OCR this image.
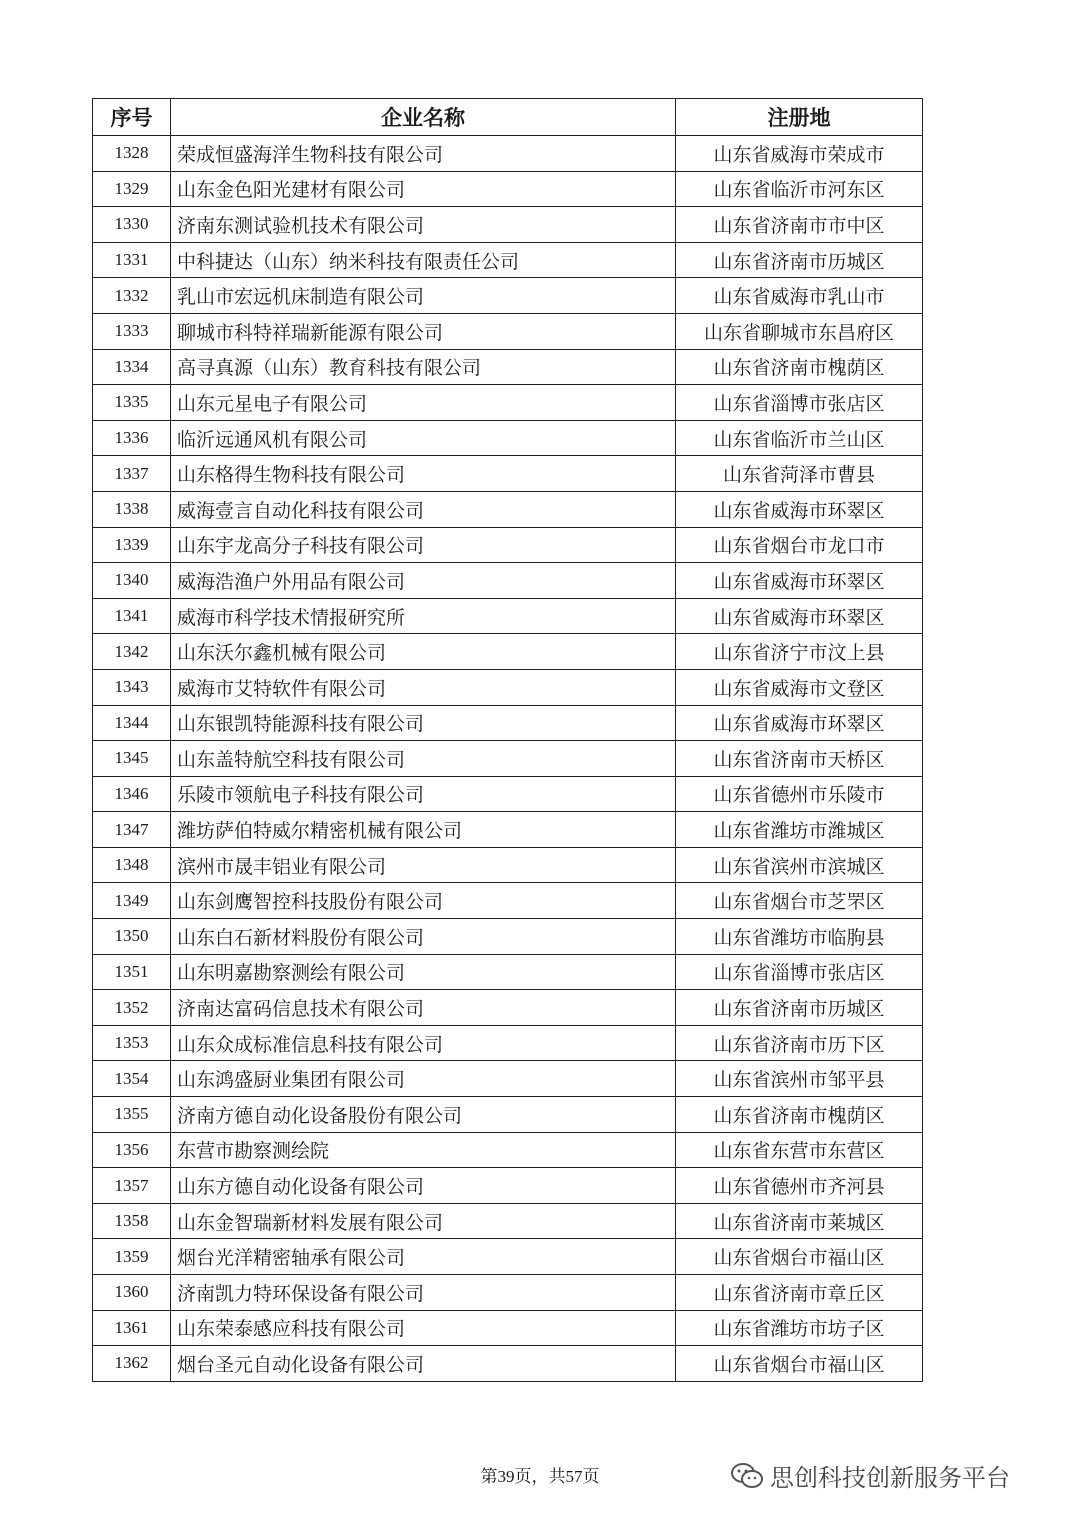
序号	企业名称	注册地
1328	荣成恒盛海洋生物科技有限公司	山东省威海市荣成市
1329	山东金色阳光建材有限公司	山东省临沂市河东区
1330	济南东测试验机技术有限公司	山东省济南市市中区
1331	中科捷达（山东）纳米科技有限责任公司	山东省济南市历城区
1332	乳山市宏远机床制造有限公司	山东省威海市乳山市
1333	聊城市科特祥瑞新能源有限公司	山东省聊城市东昌府区
1334	高寻真源（山东）教育科技有限公司	山东省济南市槐荫区
1335	山东元星电子有限公司	山东省淄博市张店区
1336	临沂远通风机有限公司	山东省临沂市兰山区
1337	山东格得生物科技有限公司	山东省菏泽市曹县
1338	威海壹言自动化科技有限公司	山东省威海市环翠区
1339	山东宇龙高分子科技有限公司	山东省烟台市龙口市
1340	威海浩渔户外用品有限公司	山东省威海市环翠区
1341	威海市科学技术情报研究所	山东省威海市环翠区
1342	山东沃尔鑫机械有限公司	山东省济宁市汶上县
1343	威海市艾特软件有限公司	山东省威海市文登区
1344	山东银凯特能源科技有限公司	山东省威海市环翠区
1345	山东盖特航空科技有限公司	山东省济南市天桥区
1346	乐陵市领航电子科技有限公司	山东省德州市乐陵市
1347	潍坊萨伯特威尔精密机械有限公司	山东省潍坊市潍城区
1348	滨州市晟丰铝业有限公司	山东省滨州市滨城区
1349	山东剑鹰智控科技股份有限公司	山东省烟台市芝罘区
1350	山东白石新材料股份有限公司	山东省潍坊市临朐县
1351	山东明嘉勘察测绘有限公司	山东省淄博市张店区
1352	济南达富码信息技术有限公司	山东省济南市历城区
1353	山东众成标准信息科技有限公司	山东省济南市历下区
1354	山东鸿盛厨业集团有限公司	山东省滨州市邹平县
1355	济南方德自动化设备股份有限公司	山东省济南市槐荫区
1356	东营市勘察测绘院	山东省东营市东营区
1357	山东方德自动化设备有限公司	山东省德州市齐河县
1358	山东金智瑞新材料发展有限公司	山东省济南市莱城区
1359	烟台光洋精密轴承有限公司	山东省烟台市福山区
1360	济南凯力特环保设备有限公司	山东省济南市章丘区
1361	山东荣泰感应科技有限公司	山东省潍坊市坊子区
1362	烟台圣元自动化设备有限公司	山东省烟台市福山区
第39页，共57页	思创科技创新服务平台
